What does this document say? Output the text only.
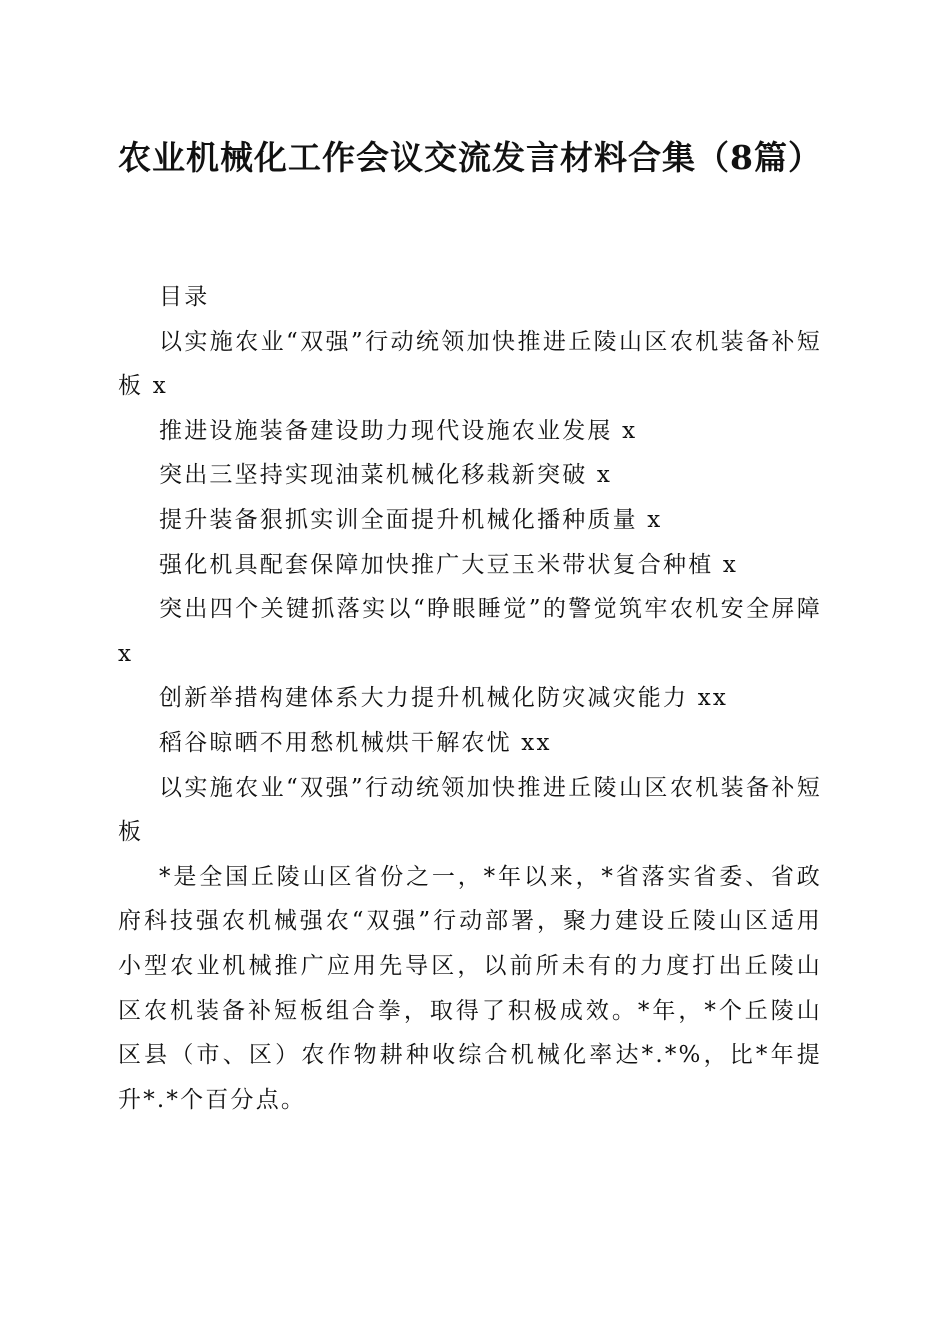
农业机械化工作会议交流发言材料合集（8篇）

目录

以实施农业“双强”行动统领加快推进丘陵山区农机装备补短板 x

推进设施装备建设助力现代设施农业发展 x

突出三坚持实现油菜机械化移栽新突破 x

提升装备狠抓实训全面提升机械化播种质量 x

强化机具配套保障加快推广大豆玉米带状复合种植 x

突出四个关键抓落实以“睁眼睡觉”的警觉筑牢农机安全屏障 x

创新举措构建体系大力提升机械化防灾减灾能力 xx

稻谷晾晒不用愁机械烘干解农忧 xx

以实施农业“双强”行动统领加快推进丘陵山区农机装备补短板

*是全国丘陵山区省份之一，*年以来，*省落实省委、省政府科技强农机械强农“双强”行动部署，聚力建设丘陵山区适用小型农业机械推广应用先导区，以前所未有的力度打出丘陵山区农机装备补短板组合拳，取得了积极成效。*年，*个丘陵山区县（市、区）农作物耕种收综合机械化率达*.*%，比*年提升*.*个百分点。
